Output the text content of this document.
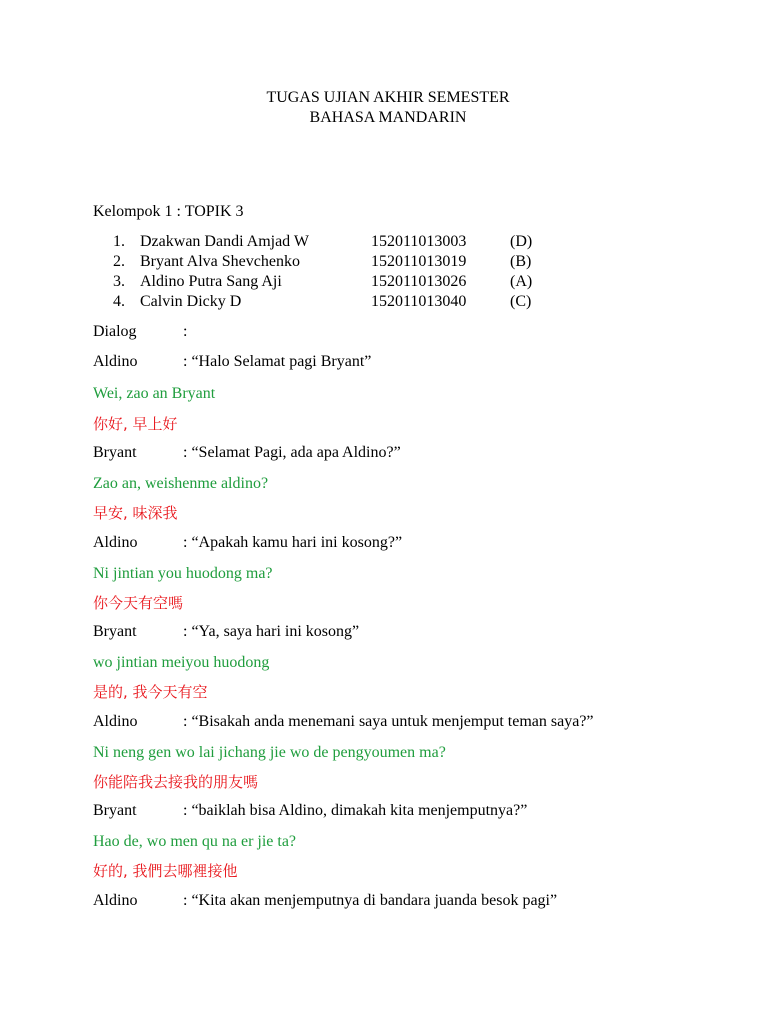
TUGAS UJIAN AKHIR SEMESTER
BAHASA MANDARIN
Kelompok 1 : TOPIK 3
1. Dzakwan Dandi Amjad W	152011013003	(D)
2. Bryant Alva Shevchenko	152011013019	(B)
3. Aldino Putra Sang Aji	152011013026	(A)
4. Calvin Dicky D	152011013040	(C)
Dialog	:
Aldino	: “Halo Selamat pagi Bryant”
Wei, zao an Bryant
你好, 早上好
Bryant	: “Selamat Pagi, ada apa Aldino?”
Zao an, weishenme aldino?
早安, 味深我
Aldino	: “Apakah kamu hari ini kosong?”
Ni jintian you huodong ma?
你今天有空嗎
Bryant	: “Ya, saya hari ini kosong”
wo jintian meiyou huodong
是的, 我今天有空
Aldino	: “Bisakah anda menemani saya untuk menjemput teman saya?”
Ni neng gen wo lai jichang jie wo de pengyoumen ma?
你能陪我去接我的朋友嗎
Bryant	: “baiklah bisa Aldino, dimakah kita menjemputnya?”
Hao de, wo men qu na er jie ta?
好的, 我們去哪裡接他
Aldino	: “Kita akan menjemputnya di bandara juanda besok pagi”
